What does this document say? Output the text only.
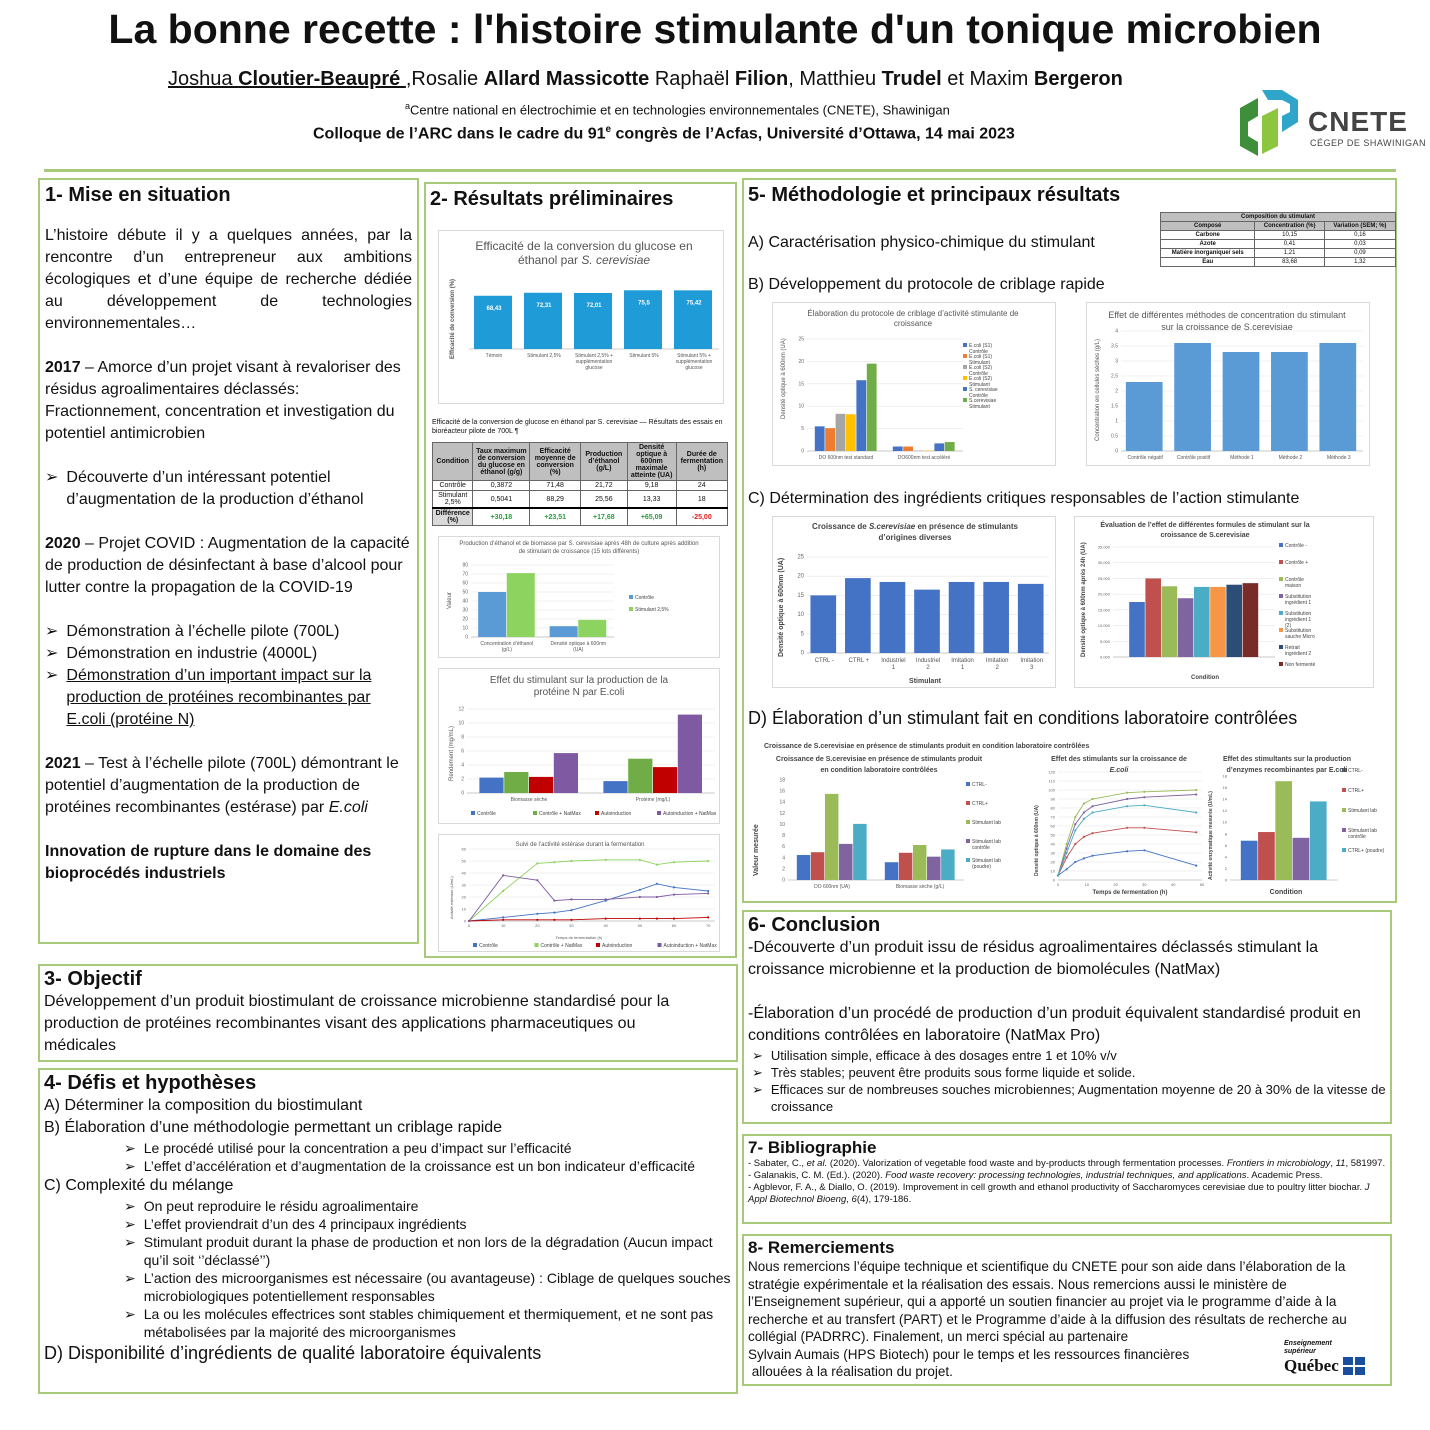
La bonne recette : l'histoire stimulante d'un tonique microbien
Joshua Cloutier-Beaupré ,Rosalie Allard Massicotte Raphaël Filion, Matthieu Trudel et Maxim Bergeron
$^a$Centre national en électrochimie et en technologies environnementales (CNETE), Shawinigan
Colloque de l’ARC dans le cadre du 91e congrès de l’Acfas, Université d’Ottawa, 14 mai 2023	CNETE
CÉGEP DE SHAWINIGAN
1- Mise en situation
L’histoire débute il y a quelques années, par la rencontre d’un entrepreneur aux ambitions écologiques et d’une équipe de recherche dédiée au développement de technologies environnementales…
2017 – Amorce d’un projet visant à revaloriser des résidus agroalimentaires déclassés: Fractionnement, concentration et investigation du potentiel antimicrobien
➢ Découverte d’un intéressant potentiel d’augmentation de la production d’éthanol
2020 – Projet COVID : Augmentation de la capacité de production de désinfectant à base d’alcool pour lutter contre la propagation de la COVID-19
➢ Démonstration à l’échelle pilote (700L)
➢ Démonstration en industrie (4000L)
➢ Démonstration d’un important impact sur la production de protéines recombinantes par E.coli (protéine N)
2021 – Test à l’échelle pilote (700L) démontrant le potentiel d’augmentation de la production de protéines recombinantes (estérase) par E.coli
Innovation de rupture dans le domaine des bioprocédés industriels
2- Résultats préliminaires
Efficacité de la conversion du glucose en éthanol par S. cerevisiae
Efficacité de conversion (%)	68,43
Témoin
72,31
Stimulant 2,5%
72,01
Stimulant 2,5% +
supplémentation
glucose
75,5
Stimulant 5%
75,42
Stimulant 5% +
supplémentation
glucose
Efficacité de la conversion de glucose en éthanol par S. cerevisiae — Résultats des essais en bioréacteur pilote de 700L ¶
Condition	Taux maximum de conversion du glucose en éthanol (g/g)	Efficacité moyenne de conversion (%)	Production d’éthanol (g/L)	Densité optique à 600nm maximale atteinte (UA)	Durée de fermentation (h)
Contrôle	0,3872	71,48	21,72	9,18	24
Stimulant 2,5%	0,5041	88,29	25,56	13,33	18
Différence (%)	+30,18	+23,51	+17,68	+65,09	-25,00
Production d’éthanol et de biomasse par S. cerevisiae après 48h de culture après addition de stimulant de croissance (15 lots différents)
Valeur
0
10
20
30
40
50
60
70
80
Concentration d’éthanol
(g/L)
Densité optique à 600nm
(UA)
Contrôle
Stimulant 2,5%
Effet du stimulant sur la production de la protéine N par E.coli
Rendement (mg/mL)
0
2
4
6
8
10
12
Biomasse sèche	Protéine (mg/L)
Contrôle	Contrôle + NatMax	Autoinduction	Autoinduction + NatMax
Suivi de l’activité estérase durant la fermentation
Activité estérase (U/mL)
Temps de fermentation (h)
0
10
20
30
40
50
60
0	10	20	30	40	50	60	70
Contrôle	Contrôle + NatMax	Autoinduction	Autoinduction + NatMax
3- Objectif
Développement d’un produit biostimulant de croissance microbienne standardisé pour la production de protéines recombinantes visant des applications pharmaceutiques ou médicales
4- Défis et hypothèses
A) Déterminer la composition du biostimulant
B) Élaboration d’une méthodologie permettant un criblage rapide
➢ Le procédé utilisé pour la concentration a peu d’impact sur l’efficacité
➢ L’effet d’accélération et d’augmentation de la croissance est un bon indicateur d’efficacité
C) Complexité du mélange
➢ On peut reproduire le résidu agroalimentaire
➢ L’effet proviendrait d’un des 4 principaux ingrédients
➢ Stimulant produit durant la phase de production et non lors de la dégradation (Aucun impact qu’il soit ‘’déclassé’’)
➢ L’action des microorganismes est nécessaire (ou avantageuse) : Ciblage de quelques souches microbiologiques potentiellement responsables
➢ La ou les molécules effectrices sont stables chimiquement et thermiquement, et ne sont pas métabolisées par la majorité des microorganismes
D) Disponibilité d’ingrédients de qualité laboratoire équivalents
5- Méthodologie et principaux résultats
A) Caractérisation physico-chimique du stimulant
B) Développement du protocole de criblage rapide
Composition du stimulant		
Composé	Concentration (%)	Variation (SEM; %)
Carbone	10,15	0,16
Azote	0,41	0,03
Matière inorganique/ sels	1,21	0,09
Eau	83,68	1,32
Élaboration du protocole de criblage d’activité stimulante de croissance
Densité optique à 600nm (UA)
0
5
10
15
20
25
DO 600nm test standard	DO600nm test accéléré
E.coli (S1)
Contrôle
E.coli (S1)
Stimulant
E.coli (S2)
Contrôle
E.coli (S2)
Stimulant
S. cerevisiae
Contrôle
S.cerevisiae
Stimulant
Effet de différentes méthodes de concentration du stimulant sur la croissance de S.cerevisiae
Concentration en cellules sèches (g/L)
0
0.5
1
1.5
2
2.5
3
3.5
4
Contrôle négatif	Contrôle positif	Méthode 1	Méthode 2	Méthode 3
C) Détermination des ingrédients critiques responsables de l’action stimulante
Croissance de S.cerevisiae en présence de stimulants d’origines diverses
Densité optique à 600nm (UA)
Stimulant
0
5
10
15
20
25
CTRL - CTRL + Industriel
1
Industriel
2
Imitation
1
Imitation
2
Imitation
3
Évaluation de l’effet de différentes formules de stimulant sur la croissance de S.cerevisiae
Densité optique à 600nm après 24h (UA)
Condition
0,000
5,000
10,000
15,000
20,000
25,000
30,000
35,000	Contrôle -
Contrôle +
Contrôle
maison
Substitution
ingrédient 1
Substitution
ingrédient 1
(2)
Substitution
sauche Micro
Retrait
ingrédient 2
Non fermenté
D) Élaboration d’un stimulant fait en conditions laboratoire contrôlées
Valeur mesurée
Croissance de S.cerevisiae en présence de stimulants produit en condition laboratoire contrôlées
0
2
4
6
8
10
12
14
16
18
DO 600nm (UA)	Biomasse sèche (g/L)
CTRL-
CTRL+
Stimulant lab
Stimulant lab
contrôle
Stimulant lab
(poudre)
Croissance de S.cerevisiae en présence de stimulants produit en condition laboratoire contrôlées
Densité optique à 600nm (UA)
Temps de fermentation (h)
0
10
20
30
40
50
60
70
80
90
100
110
120
0	10	20	30	40	50
Effet des stimulants sur la croissance de E.coli
Activité enzymatique mesurée (U/mL)
Condition
0
2
4
6
8
10
12
14
16
18
CTRL-
CTRL+
Stimulant lab
Stimulant lab
contrôle
CTRL+ (poudre)
Effet des stimultants sur la production d’enzymes recombinantes par E.coli
6- Conclusion
-Découverte d’un produit issu de résidus agroalimentaires déclassés stimulant la croissance microbienne et la production de biomolécules (NatMax)
-Élaboration d’un procédé de production d’un produit équivalent standardisé produit en conditions contrôlées en laboratoire (NatMax Pro)
➢ Utilisation simple, efficace à des dosages entre 1 et 10% v/v
➢ Très stables; peuvent être produits sous forme liquide et solide.
➢ Efficaces sur de nombreuses souches microbiennes; Augmentation moyenne de 20 à 30% de la vitesse de croissance
7- Bibliographie
- Sabater, C., et al. (2020). Valorization of vegetable food waste and by-products through fermentation processes. Frontiers in microbiology, 11, 581997.
- Galanakis, C. M. (Ed.). (2020). Food waste recovery: processing technologies, industrial techniques, and applications. Academic Press.
- Agblevor, F. A., & Diallo, O. (2019). Improvement in cell growth and ethanol productivity of Saccharomyces cerevisiae due to poultry litter biochar. J Appl Biotechnol Bioeng, 6(4), 179-186.
8- Remerciements
Nous remercions l’équipe technique et scientifique du CNETE pour son aide dans l’élaboration de la stratégie expérimentale et la réalisation des essais. Nous remercions aussi le ministère de l’Enseignement supérieur, qui a apporté un soutien financier au projet via le programme d’aide à la recherche et au transfert (PART) et le Programme d’aide à la diffusion des résultats de recherche au collégial (PADRRC). Finalement, un merci spécial au partenaire
Sylvain Aumais (HPS Biotech) pour le temps et les ressources financières
allouées à la réalisation du projet.
Enseignement
supérieur
Québec
